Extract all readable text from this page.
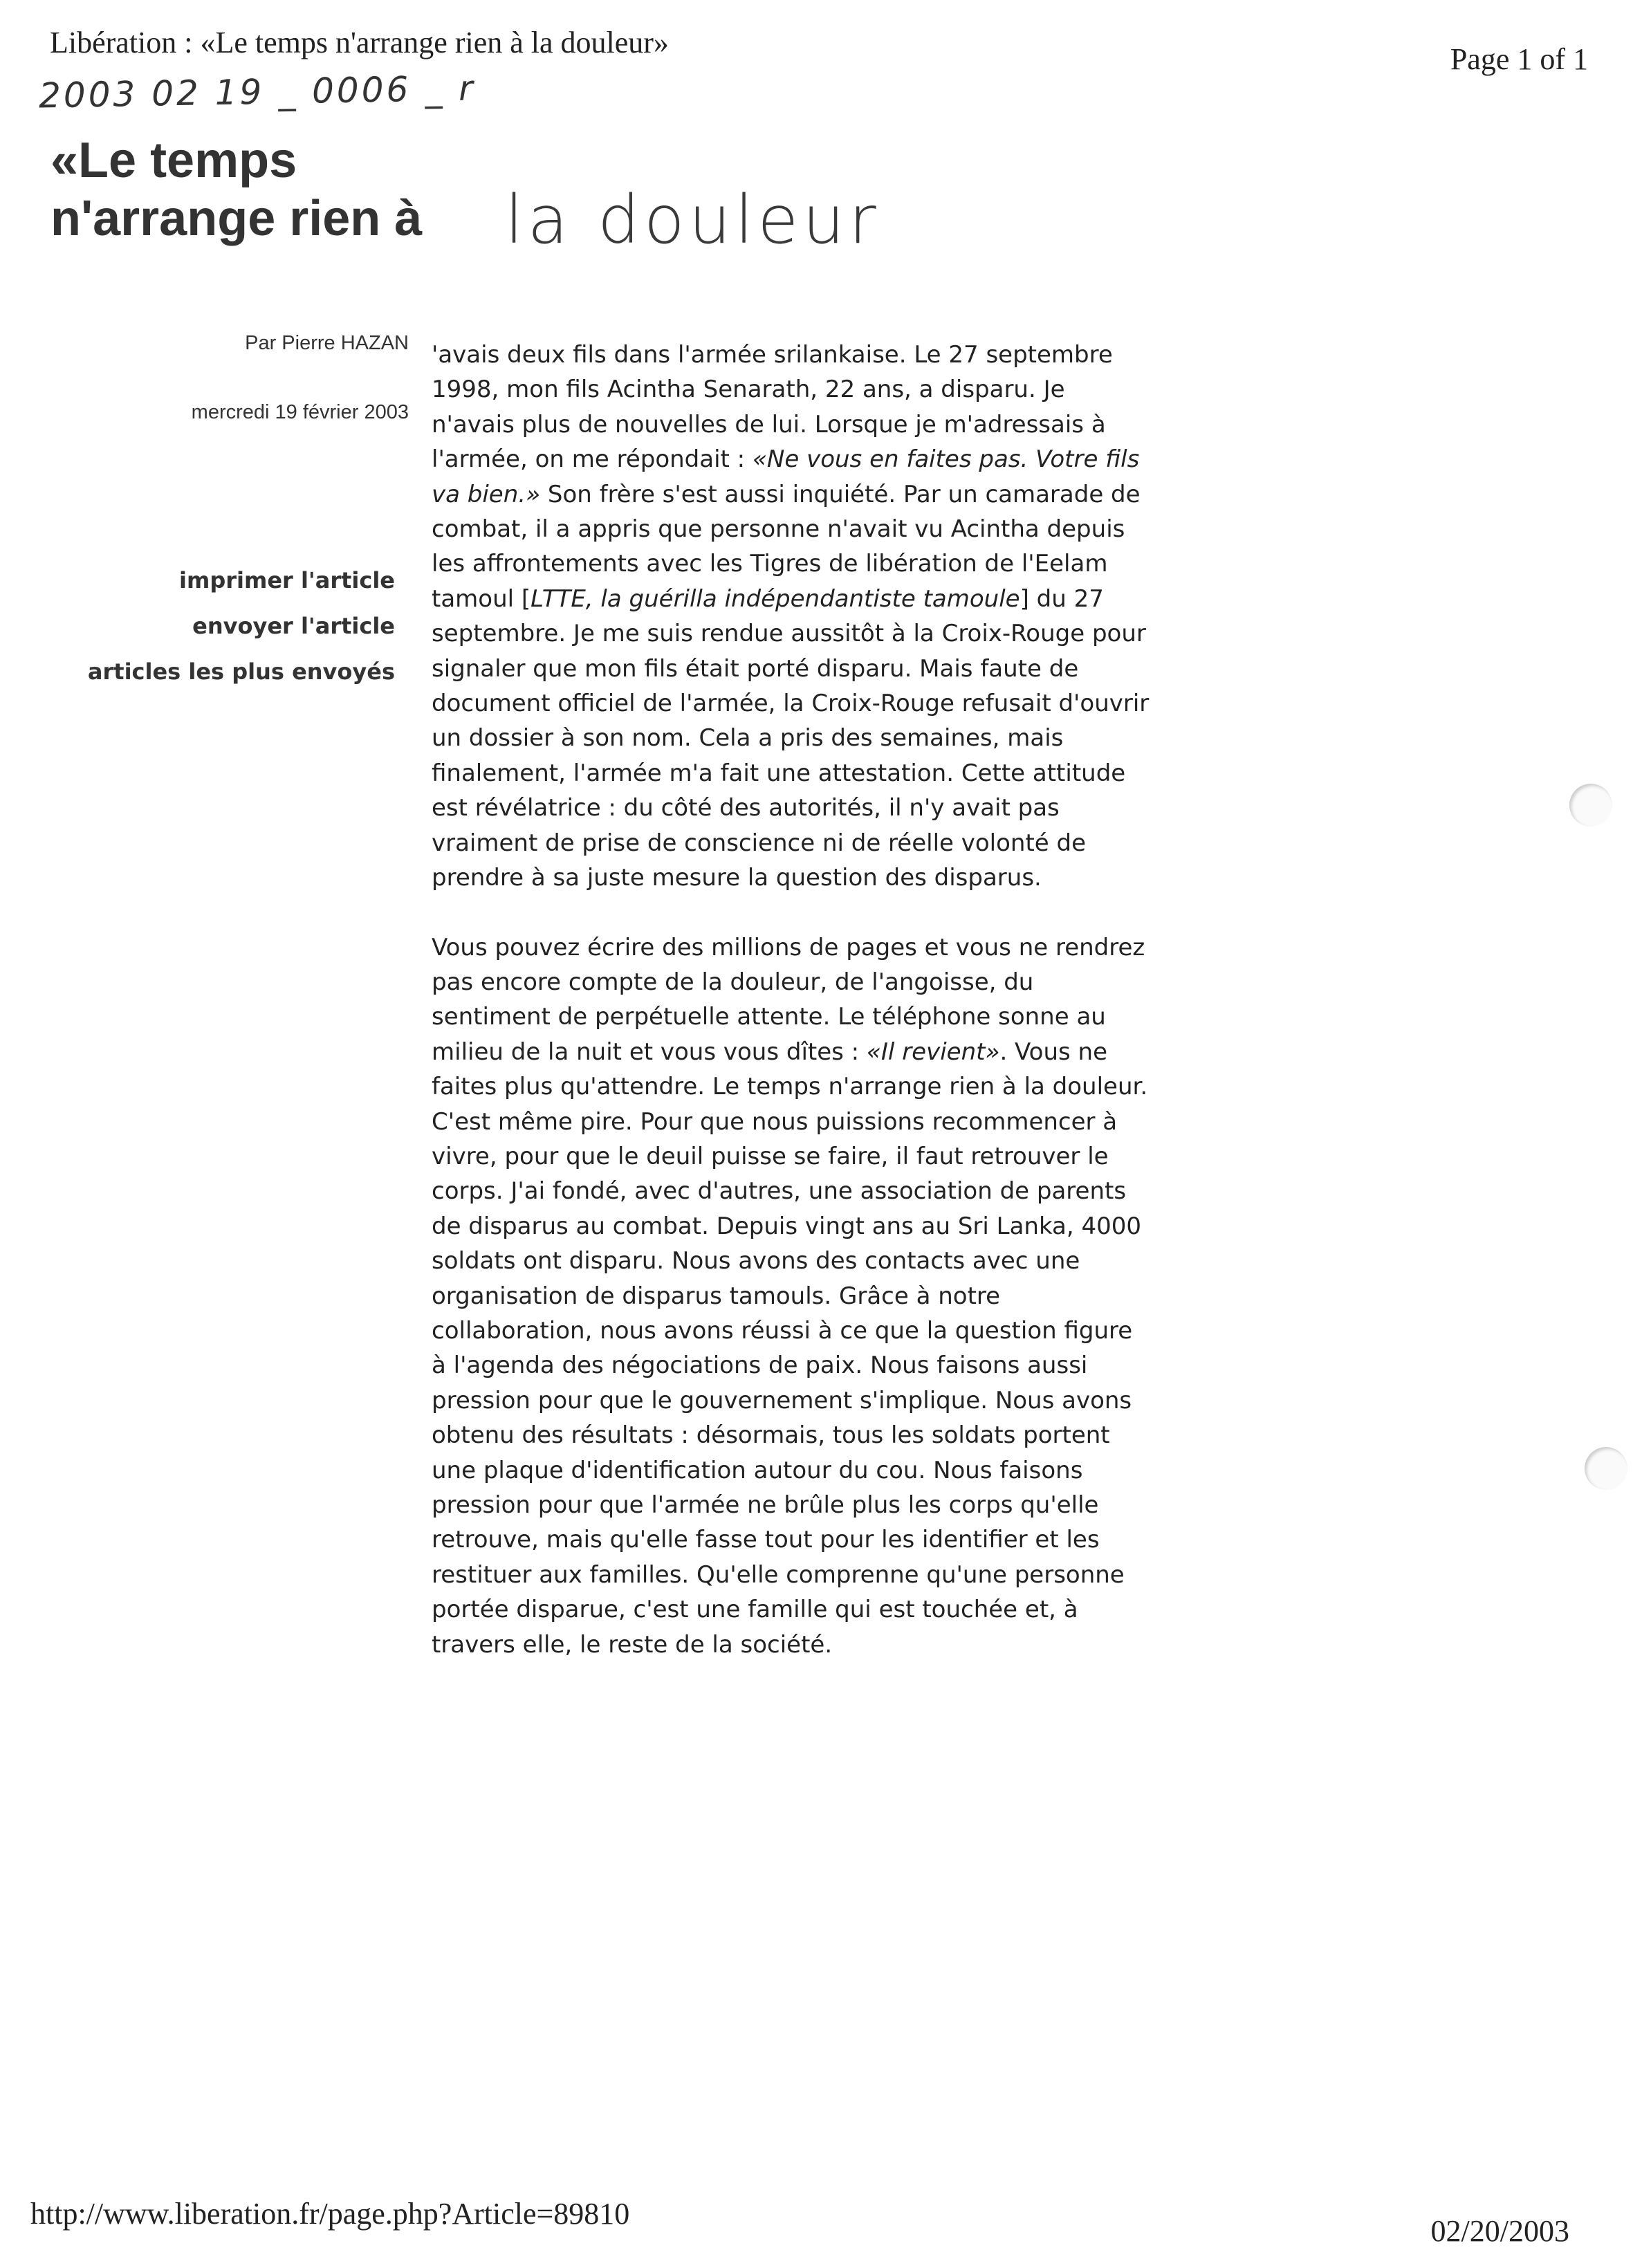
Libération : «Le temps n'arrange rien à la douleur»	Page 1 of 1
2003 02 19 _ 0006 _ r
«Le temps
n'arrange rien à la douleur
Par Pierre HAZAN
mercredi 19 février 2003
imprimer l'article
envoyer l'article
articles les plus envoyés

'avais deux fils dans l'armée srilankaise. Le 27 septembre 1998, mon fils Acintha Senarath, 22 ans, a disparu. Je n'avais plus de nouvelles de lui. Lorsque je m'adressais à l'armée, on me répondait : «Ne vous en faites pas. Votre fils va bien.» Son frère s'est aussi inquiété. Par un camarade de combat, il a appris que personne n'avait vu Acintha depuis les affrontements avec les Tigres de libération de l'Eelam tamoul [LTTE, la guérilla indépendantiste tamoule] du 27 septembre. Je me suis rendue aussitôt à la Croix-Rouge pour signaler que mon fils était porté disparu. Mais faute de document officiel de l'armée, la Croix-Rouge refusait d'ouvrir un dossier à son nom. Cela a pris des semaines, mais finalement, l'armée m'a fait une attestation. Cette attitude est révélatrice : du côté des autorités, il n'y avait pas vraiment de prise de conscience ni de réelle volonté de prendre à sa juste mesure la question des disparus.

Vous pouvez écrire des millions de pages et vous ne rendrez pas encore compte de la douleur, de l'angoisse, du sentiment de perpétuelle attente. Le téléphone sonne au milieu de la nuit et vous vous dîtes : «Il revient». Vous ne faites plus qu'attendre. Le temps n'arrange rien à la douleur. C'est même pire. Pour que nous puissions recommencer à vivre, pour que le deuil puisse se faire, il faut retrouver le corps. J'ai fondé, avec d'autres, une association de parents de disparus au combat. Depuis vingt ans au Sri Lanka, 4000 soldats ont disparu. Nous avons des contacts avec une organisation de disparus tamouls. Grâce à notre collaboration, nous avons réussi à ce que la question figure à l'agenda des négociations de paix. Nous faisons aussi pression pour que le gouvernement s'implique. Nous avons obtenu des résultats : désormais, tous les soldats portent une plaque d'identification autour du cou. Nous faisons pression pour que l'armée ne brûle plus les corps qu'elle retrouve, mais qu'elle fasse tout pour les identifier et les restituer aux familles. Qu'elle comprenne qu'une personne portée disparue, c'est une famille qui est touchée et, à travers elle, le reste de la société.

http://www.liberation.fr/page.php?Article=89810
02/20/2003
